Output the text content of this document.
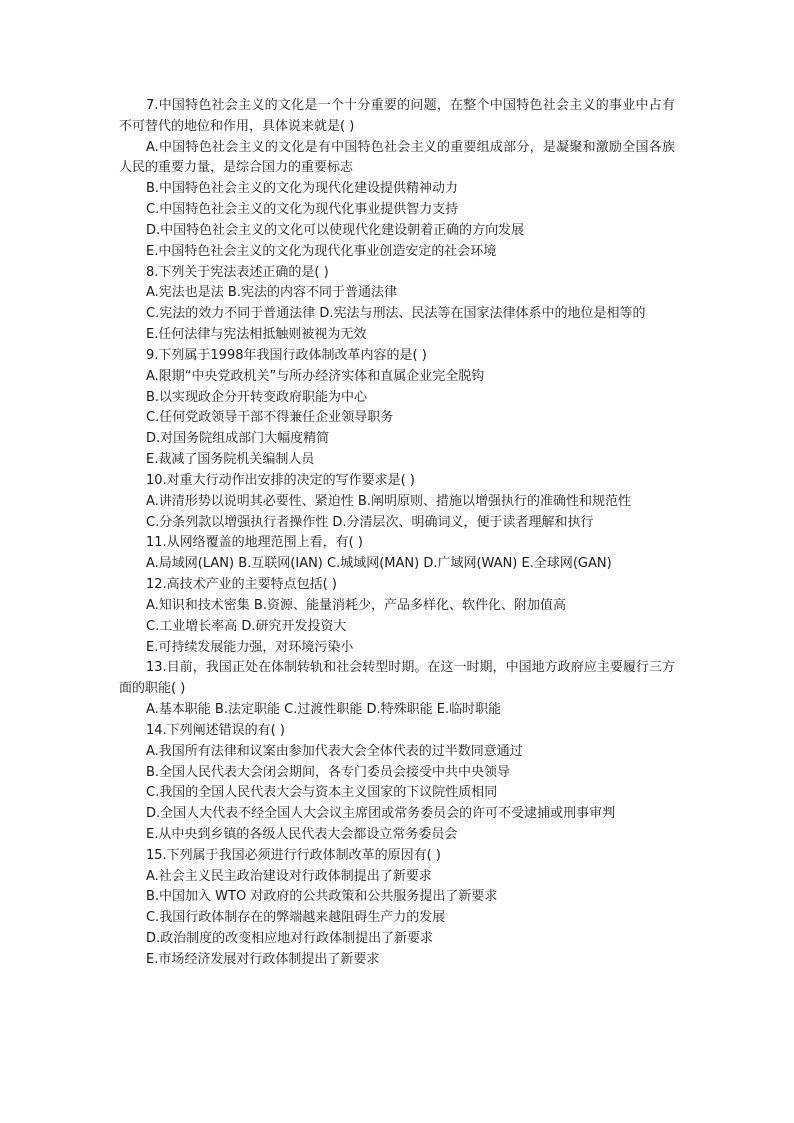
7.中国特色社会主义的文化是一个十分重要的问题，在整个中国特色社会主义的事业中占有不可替代的地位和作用，具体说来就是( )

A.中国特色社会主义的文化是有中国特色社会主义的重要组成部分，是凝聚和激励全国各族人民的重要力量，是综合国力的重要标志

B.中国特色社会主义的文化为现代化建设提供精神动力

C.中国特色社会主义的文化为现代化事业提供智力支持

D.中国特色社会主义的文化可以使现代化建设朝着正确的方向发展

E.中国特色社会主义的文化为现代化事业创造安定的社会环境

8.下列关于宪法表述正确的是( )

A.宪法也是法 B.宪法的内容不同于普通法律

C.宪法的效力不同于普通法律 D.宪法与刑法、民法等在国家法律体系中的地位是相等的

E.任何法律与宪法相抵触则被视为无效

9.下列属于1998年我国行政体制改革内容的是( )

A.限期“中央党政机关”与所办经济实体和直属企业完全脱钩

B.以实现政企分开转变政府职能为中心

C.任何党政领导干部不得兼任企业领导职务

D.对国务院组成部门大幅度精简

E.裁减了国务院机关编制人员

10.对重大行动作出安排的决定的写作要求是( )

A.讲清形势以说明其必要性、紧迫性 B.阐明原则、措施以增强执行的准确性和规范性

C.分条列款以增强执行者操作性 D.分清层次、明确词义，便于读者理解和执行

11.从网络覆盖的地理范围上看，有( )

A.局域网(LAN) B.互联网(IAN) C.城域网(MAN) D.广域网(WAN) E.全球网(GAN)

12.高技术产业的主要特点包括( )

A.知识和技术密集 B.资源、能量消耗少，产品多样化、软件化、附加值高

C.工业增长率高 D.研究开发投资大

E.可持续发展能力强，对环境污染小

13.目前，我国正处在体制转轨和社会转型时期。在这一时期，中国地方政府应主要履行三方面的职能( )

A.基本职能 B.法定职能 C.过渡性职能 D.特殊职能 E.临时职能

14.下列阐述错误的有( )

A.我国所有法律和议案由参加代表大会全体代表的过半数同意通过

B.全国人民代表大会闭会期间，各专门委员会接受中共中央领导

C.我国的全国人民代表大会与资本主义国家的下议院性质相同

D.全国人大代表不经全国人大会议主席团或常务委员会的许可不受逮捕或刑事审判

E.从中央到乡镇的各级人民代表大会都设立常务委员会

15.下列属于我国必须进行行政体制改革的原因有( )

A.社会主义民主政治建设对行政体制提出了新要求

B.中国加入 WTO 对政府的公共政策和公共服务提出了新要求

C.我国行政体制存在的弊端越来越阻碍生产力的发展

D.政治制度的改变相应地对行政体制提出了新要求

E.市场经济发展对行政体制提出了新要求
